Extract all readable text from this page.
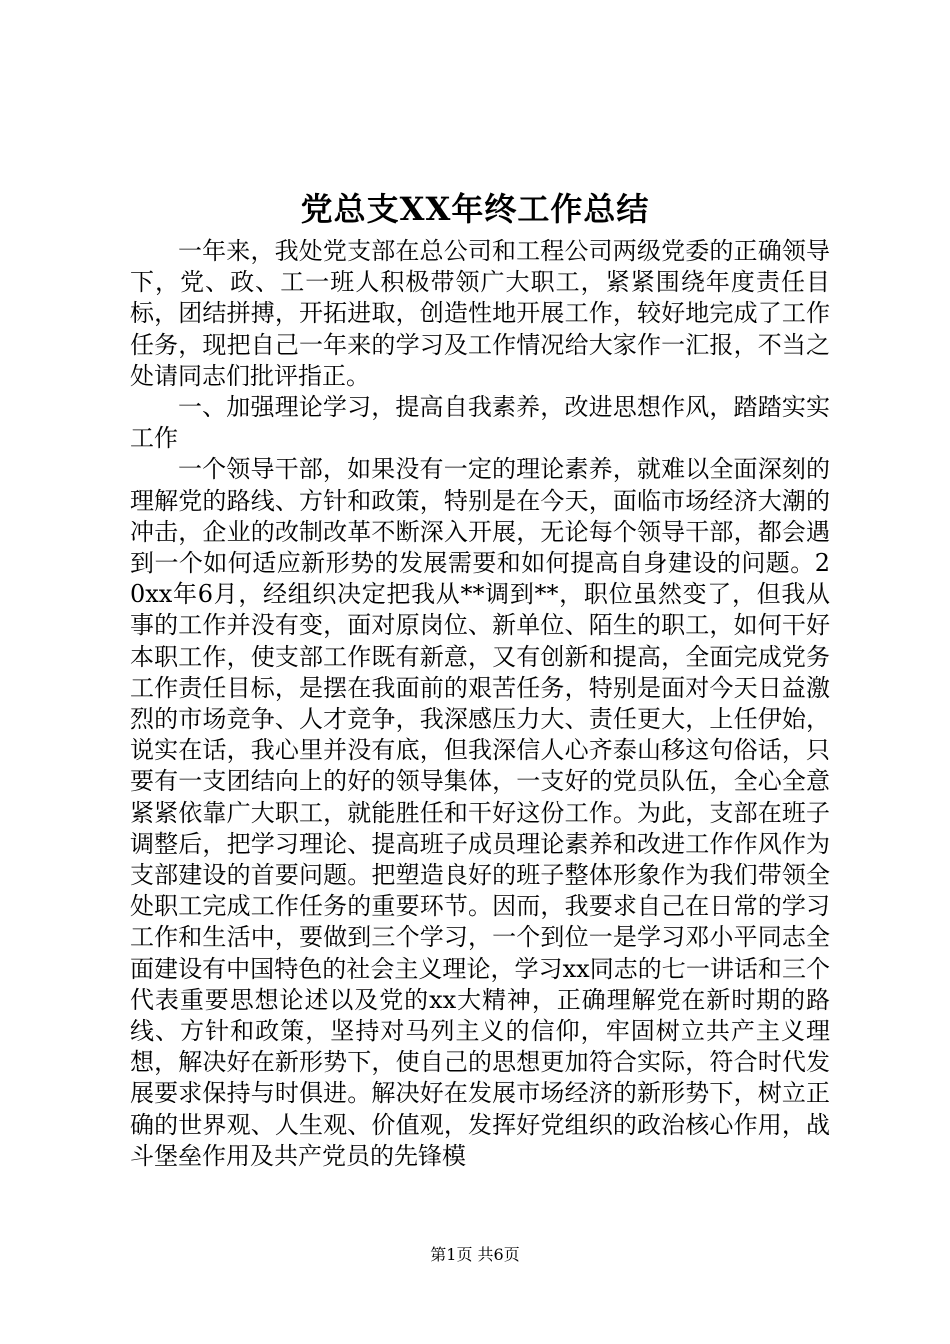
党总支XX年终工作总结

一年来，我处党支部在总公司和工程公司两级党委的正确领导下，党、政、工一班人积极带领广大职工，紧紧围绕年度责任目标，团结拼搏，开拓进取，创造性地开展工作，较好地完成了工作任务，现把自己一年来的学习及工作情况给大家作一汇报，不当之处请同志们批评指正。

一、加强理论学习，提高自我素养，改进思想作风，踏踏实实工作

一个领导干部，如果没有一定的理论素养，就难以全面深刻的理解党的路线、方针和政策，特别是在今天，面临市场经济大潮的冲击，企业的改制改革不断深入开展，无论每个领导干部，都会遇到一个如何适应新形势的发展需要和如何提高自身建设的问题。20xx年6月，经组织决定把我从**调到**，职位虽然变了，但我从事的工作并没有变，面对原岗位、新单位、陌生的职工，如何干好本职工作，使支部工作既有新意，又有创新和提高，全面完成党务工作责任目标，是摆在我面前的艰苦任务，特别是面对今天日益激烈的市场竞争、人才竞争，我深感压力大、责任更大，上任伊始，说实在话，我心里并没有底，但我深信人心齐泰山移这句俗话，只要有一支团结向上的好的领导集体，一支好的党员队伍，全心全意紧紧依靠广大职工，就能胜任和干好这份工作。为此，支部在班子调整后，把学习理论、提高班子成员理论素养和改进工作作风作为支部建设的首要问题。把塑造良好的班子整体形象作为我们带领全处职工完成工作任务的重要环节。因而，我要求自己在日常的学习工作和生活中，要做到三个学习，一个到位一是学习邓小平同志全面建设有中国特色的社会主义理论，学习xx同志的七一讲话和三个代表重要思想论述以及党的xx大精神，正确理解党在新时期的路线、方针和政策，坚持对马列主义的信仰，牢固树立共产主义理想，解决好在新形势下，使自己的思想更加符合实际，符合时代发展要求保持与时俱进。解决好在发展市场经济的新形势下，树立正确的世界观、人生观、价值观，发挥好党组织的政治核心作用，战斗堡垒作用及共产党员的先锋模

第1页 共6页
